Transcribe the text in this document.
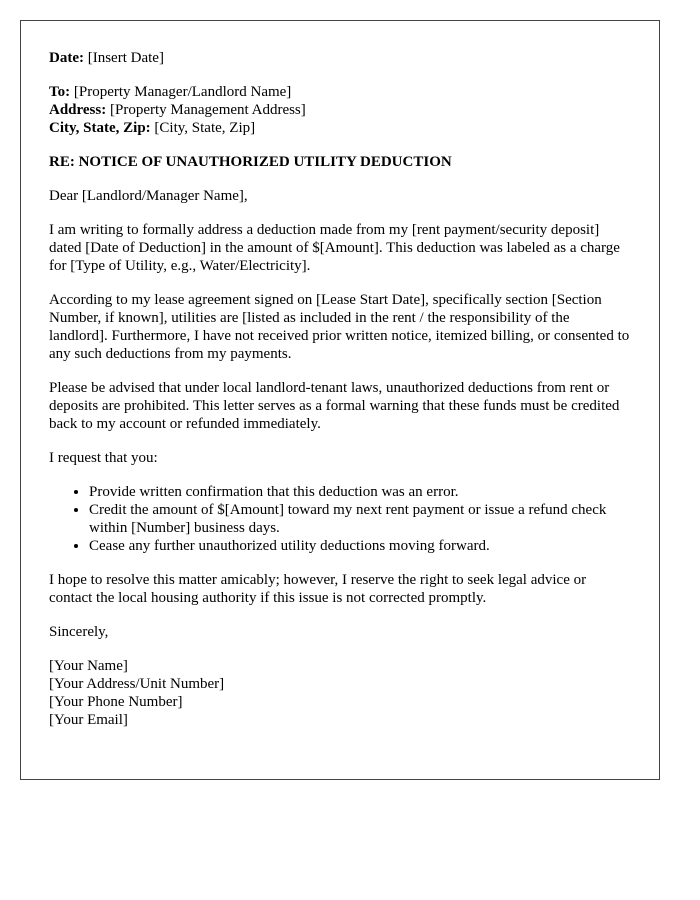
Date: [Insert Date]

To: [Property Manager/Landlord Name]
Address: [Property Management Address]
City, State, Zip: [City, State, Zip]

RE: NOTICE OF UNAUTHORIZED UTILITY DEDUCTION

Dear [Landlord/Manager Name],

I am writing to formally address a deduction made from my [rent payment/security deposit] dated [Date of Deduction] in the amount of $[Amount]. This deduction was labeled as a charge for [Type of Utility, e.g., Water/Electricity].

According to my lease agreement signed on [Lease Start Date], specifically section [Section Number, if known], utilities are [listed as included in the rent / the responsibility of the landlord]. Furthermore, I have not received prior written notice, itemized billing, or consented to any such deductions from my payments.

Please be advised that under local landlord-tenant laws, unauthorized deductions from rent or deposits are prohibited. This letter serves as a formal warning that these funds must be credited back to my account or refunded immediately.

I request that you:

• Provide written confirmation that this deduction was an error.
• Credit the amount of $[Amount] toward my next rent payment or issue a refund check within [Number] business days.
• Cease any further unauthorized utility deductions moving forward.

I hope to resolve this matter amicably; however, I reserve the right to seek legal advice or contact the local housing authority if this issue is not corrected promptly.

Sincerely,

[Your Name]
[Your Address/Unit Number]
[Your Phone Number]
[Your Email]
